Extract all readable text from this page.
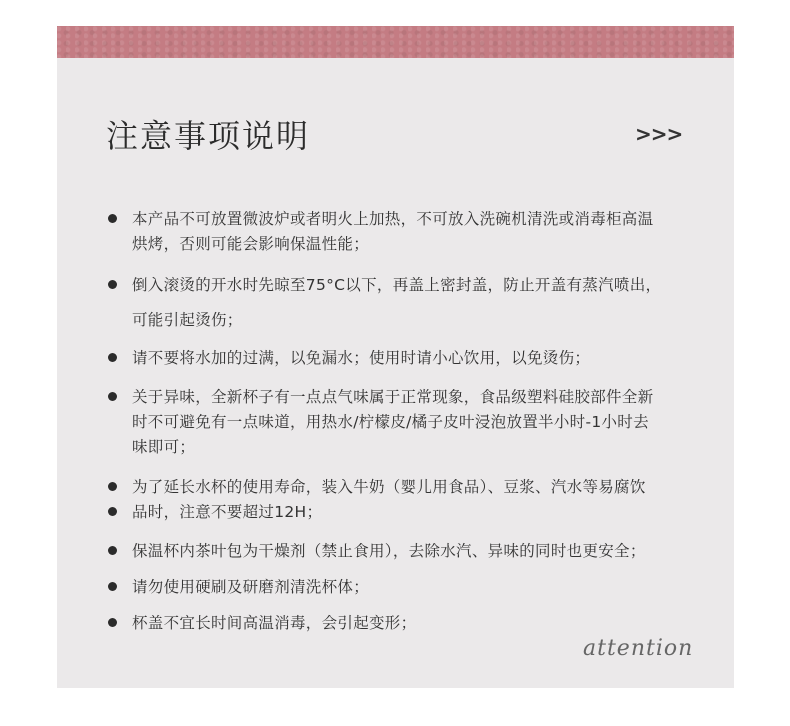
注意事项说明	>>>
本产品不可放置微波炉或者明火上加热，不可放入洗碗机清洗或消毒柜高温
烘烤，否则可能会影响保温性能；
倒入滚烫的开水时先晾至75°C以下，再盖上密封盖，防止开盖有蒸汽喷出，
可能引起烫伤；
请不要将水加的过满，以免漏水；使用时请小心饮用，以免烫伤；
关于异味，全新杯子有一点点气味属于正常现象，食品级塑料硅胶部件全新
时不可避免有一点味道，用热水/柠檬皮/橘子皮叶浸泡放置半小时-1小时去
味即可；
为了延长水杯的使用寿命，装入牛奶（婴儿用食品）、豆浆、汽水等易腐饮
品时，注意不要超过12H；
保温杯内茶叶包为干燥剂（禁止食用），去除水汽、异味的同时也更安全；
请勿使用硬刷及研磨剂清洗杯体；
杯盖不宜长时间高温消毒，会引起变形；
attention
